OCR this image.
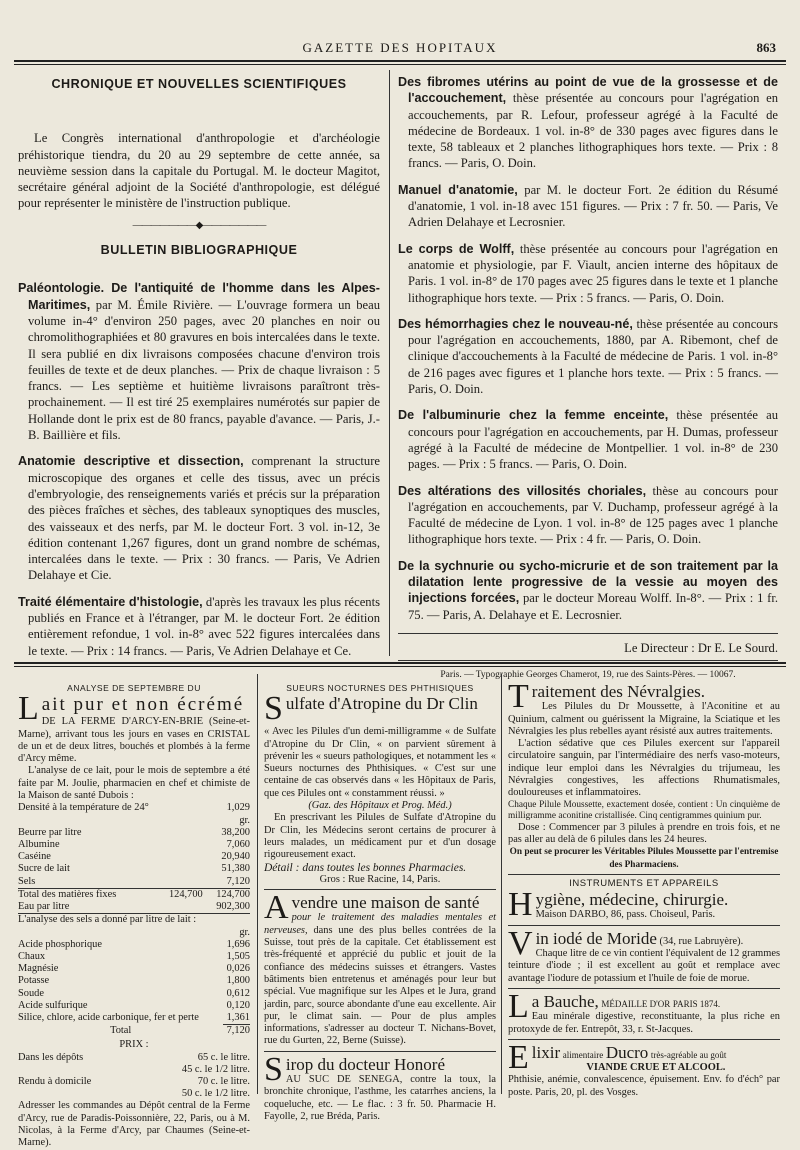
GAZETTE DES HOPITAUX	863
CHRONIQUE ET NOUVELLES SCIENTIFIQUES

Le Congrès international d'anthropologie et d'archéologie préhistorique tiendra, du 20 au 29 septembre de cette année, sa neuvième session dans la capitale du Portugal. M. le docteur Magitot, secrétaire général adjoint de la Société d'anthropologie, est délégué pour représenter le ministère de l'instruction publique.

―――――――◆―――――――
BULLETIN BIBLIOGRAPHIQUE
Paléontologie. De l'antiquité de l'homme dans les Alpes-Maritimes, par M. Émile Rivière. — L'ouvrage formera un beau volume in-4° d'environ 250 pages, avec 20 planches en noir ou chromolithographiées et 80 gravures en bois intercalées dans le texte. Il sera publié en dix livraisons composées chacune d'environ trois feuilles de texte et de deux planches. — Prix de chaque livraison : 5 francs. — Les septième et huitième livraisons paraîtront très-prochainement. — Il est tiré 25 exemplaires numérotés sur papier de Hollande dont le prix est de 80 francs, payable d'avance. — Paris, J.-B. Baillière et fils.
Anatomie descriptive et dissection, comprenant la structure microscopique des organes et celle des tissus, avec un précis d'embryologie, des renseignements variés et précis sur la préparation des pièces fraîches et sèches, des tableaux synoptiques des muscles, des vaisseaux et des nerfs, par M. le docteur Fort. 3 vol. in-12, 3e édition contenant 1,267 figures, dont un grand nombre de schémas, intercalées dans le texte. — Prix : 30 francs. — Paris, Ve Adrien Delahaye et Cie.
Traité élémentaire d'histologie, d'après les travaux les plus récents publiés en France et à l'étranger, par M. le docteur Fort. 2e édition entièrement refondue, 1 vol. in-8° avec 522 figures intercalées dans le texte. — Prix : 14 francs. — Paris, Ve Adrien Delahaye et Ce.
Des fibromes utérins au point de vue de la grossesse et de l'accouchement, thèse présentée au concours pour l'agrégation en accouchements, par R. Lefour, professeur agrégé à la Faculté de médecine de Bordeaux. 1 vol. in-8° de 330 pages avec figures dans le texte, 58 tableaux et 2 planches lithographiques hors texte. — Prix : 8 francs. — Paris, O. Doin.
Manuel d'anatomie, par M. le docteur Fort. 2e édition du Résumé d'anatomie, 1 vol. in-18 avec 151 figures. — Prix : 7 fr. 50. — Paris, Ve Adrien Delahaye et Lecrosnier.
Le corps de Wolff, thèse présentée au concours pour l'agrégation en anatomie et physiologie, par F. Viault, ancien interne des hôpitaux de Paris. 1 vol. in-8° de 170 pages avec 25 figures dans le texte et 1 planche lithographique hors texte. — Prix : 5 francs. — Paris, O. Doin.
Des hémorrhagies chez le nouveau-né, thèse présentée au concours pour l'agrégation en accouchements, 1880, par A. Ribemont, chef de clinique d'accouchements à la Faculté de médecine de Paris. 1 vol. in-8° de 216 pages avec figures et 1 planche hors texte. — Prix : 5 francs. — Paris, O. Doin.
De l'albuminurie chez la femme enceinte, thèse présentée au concours pour l'agrégation en accouchements, par H. Dumas, professeur agrégé à la Faculté de médecine de Montpellier. 1 vol. in-8° de 230 pages. — Prix : 5 francs. — Paris, O. Doin.
Des altérations des villosités choriales, thèse au concours pour l'agrégation en accouchements, par V. Duchamp, professeur agrégé à la Faculté de médecine de Lyon. 1 vol. in-8° de 125 pages avec 1 planche lithographique hors texte. — Prix : 4 fr. — Paris, O. Doin.
De la sychnurie ou sycho-micrurie et de son traitement par la dilatation lente progressive de la vessie au moyen des injections forcées, par le docteur Moreau Wolff. In-8°. — Prix : 1 fr. 75. — Paris, A. Delahaye et E. Lecrosnier.
Le Directeur : Dr E. Le Sourd.
Paris. — Typographie Georges Chamerot, 19, rue des Saints-Pères. — 10067.
ANALYSE DE SEPTEMBRE DU
Lait pur et non écrémé
DE LA FERME D'ARCY-EN-BRIE (Seine-et-Marne), arrivant tous les jours en vases en CRISTAL de un et de deux litres, bouchés et plombés à la ferme d'Arcy même.
L'analyse de ce lait, pour le mois de septembre a été faite par M. Joulie, pharmacien en chef et chimiste de la Maison de santé Dubois :
Densité à la température de 24°	1,029
	gr.
Beurre par litre	38,200
Albumine	7,060
Caséine	20,940
Sucre de lait	51,380
Sels	7,120
Total des matières fixes	124,700	124,700
Eau par litre		902,300
L'analyse des sels a donné par litre de lait :
	gr.
Acide phosphorique	1,696
Chaux	1,505
Magnésie	0,026
Potasse	1,800
Soude	0,612
Acide sulfurique	0,120
Silice, chlore, acide carbonique, fer et perte	1,361
Total	7,120
PRIX :
Dans les dépôts	65 c. le litre.
	45 c. le 1/2 litre.
Rendu à domicile	70 c. le litre.
	50 c. le 1/2 litre.
Adresser les commandes au Dépôt central de la Ferme d'Arcy, rue de Paradis-Poissonnière, 22, Paris, ou à M. Nicolas, à la Ferme d'Arcy, par Chaumes (Seine-et-Marne).
SUEURS NOCTURNES DES PHTHISIQUES
Sulfate d'Atropine du Dr Clin
« Avec les Pilules d'un demi-milligramme « de Sulfate d'Atropine du Dr Clin, « on parvient sûrement à prévenir les « sueurs pathologiques, et notamment les « Sueurs nocturnes des Phthisiques. « C'est sur une centaine de cas observés dans « les Hôpitaux de Paris, que ces Pilules ont « constamment réussi. »
(Gaz. des Hôpitaux et Prog. Méd.)
En prescrivant les Pilules de Sulfate d'Atropine du Dr Clin, les Médecins seront certains de procurer à leurs malades, un médicament pur et d'un dosage rigoureusement exact.
Détail : dans toutes les bonnes Pharmacies.
Gros : Rue Racine, 14, Paris.
Avendre une maison de santé
pour le traitement des maladies mentales et nerveuses, dans une des plus belles contrées de la Suisse, tout près de la capitale. Cet établissement est très-fréquenté et apprécié du public et jouit de la confiance des médecins suisses et étrangers. Vastes bâtiments bien entretenus et aménagés pour leur but spécial. Vue magnifique sur les Alpes et le Jura, grand jardin, parc, source abondante d'une eau excellente. Air pur, le climat sain. — Pour de plus amples informations, s'adresser au docteur T. Nichans-Bovet, rue du Gurten, 22, Berne (Suisse).
Sirop du docteur Honoré
AU SUC DE SENEGA, contre la toux, la bronchite chronique, l'asthme, les catarrhes anciens, la coqueluche, etc. — Le flac. : 3 fr. 50. Pharmacie H. Fayolle, 2, rue Bréda, Paris.
Traitement des Névralgies.
Les Pilules du Dr Moussette, à l'Aconitine et au Quinium, calment ou guérissent la Migraine, la Sciatique et les Névralgies les plus rebelles ayant résisté aux autres traitements.
L'action sédative que ces Pilules exercent sur l'appareil circulatoire sanguin, par l'intermédiaire des nerfs vaso-moteurs, indique leur emploi dans les Névralgies du trijumeau, les Névralgies congestives, les affections Rhumatismales, douloureuses et inflammatoires.
Chaque Pilule Moussette, exactement dosée, contient : Un cinquième de milligramme aconitine cristallisée. Cinq centigrammes quinium pur.
Dose : Commencer par 3 pilules à prendre en trois fois, et ne pas aller au delà de 6 pilules dans les 24 heures.
On peut se procurer les Véritables Pilules Moussette par l'entremise des Pharmaciens.
INSTRUMENTS ET APPAREILS
Hygiène, médecine, chirurgie.
Maison DARBO, 86, pass. Choiseul, Paris.
Vin iodé de Moride (34, rue Labruyère).
Chaque litre de ce vin contient l'équivalent de 12 grammes teinture d'iode ; il est excellent au goût et remplace avec avantage l'iodure de potassium et l'huile de foie de morue.
La Bauche, MÉDAILLE D'OR PARIS 1874.
Eau minérale digestive, reconstituante, la plus riche en protoxyde de fer. Entrepôt, 33, r. St-Jacques.
Elixir alimentaire Ducro très-agréable au goût
VIANDE CRUE ET ALCOOL.
Phthisie, anémie, convalescence, épuisement. Env. fo d'éch° par poste. Paris, 20, pl. des Vosges.
